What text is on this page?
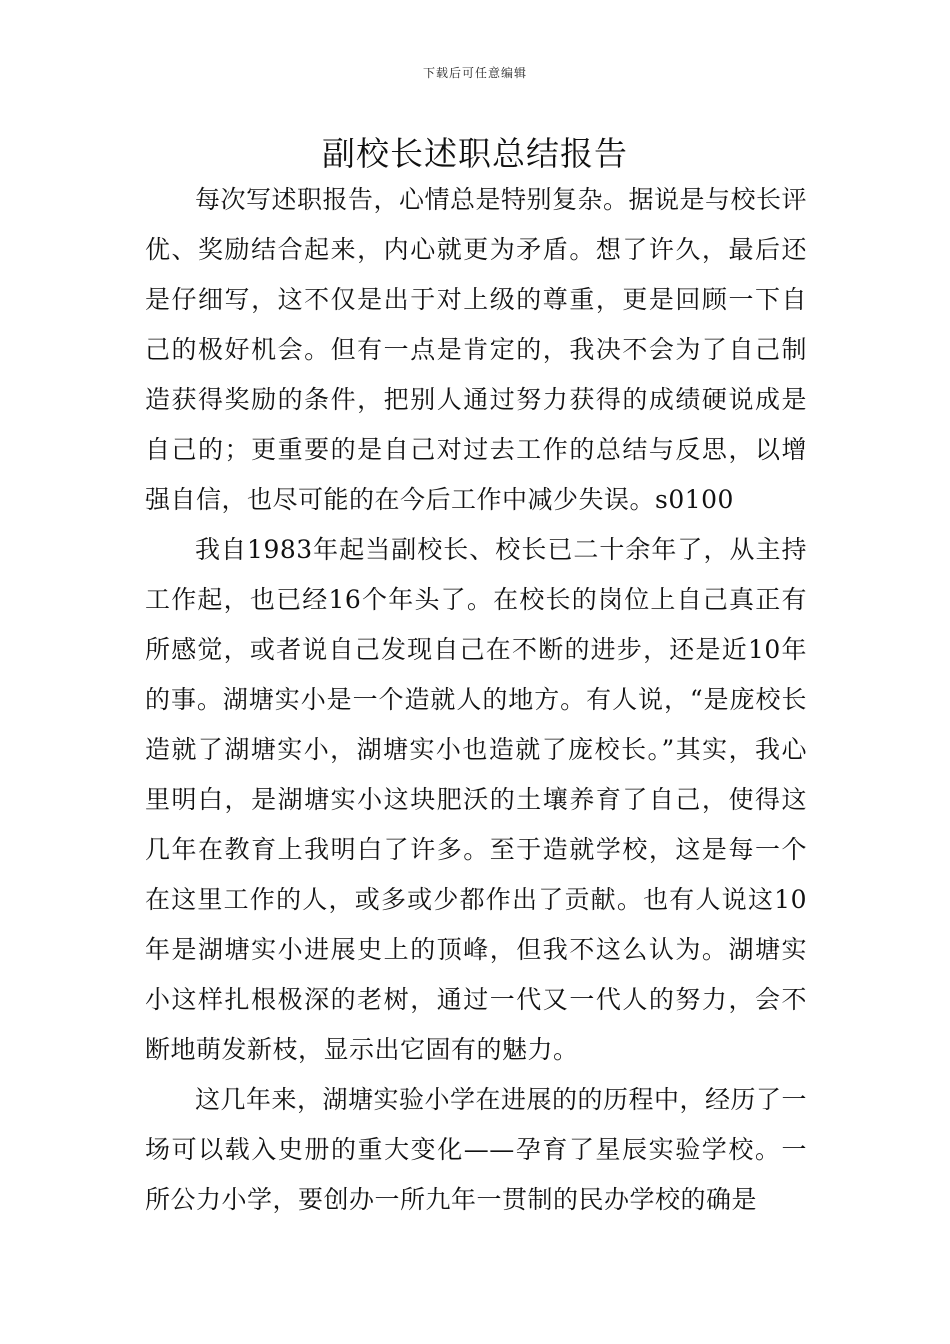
下载后可任意编辑
副校长述职总结报告

每次写述职报告，心情总是特别复杂。据说是与校长评优、奖励结合起来，内心就更为矛盾。想了许久，最后还是仔细写，这不仅是出于对上级的尊重，更是回顾一下自己的极好机会。但有一点是肯定的，我决不会为了自己制造获得奖励的条件，把别人通过努力获得的成绩硬说成是自己的；更重要的是自己对过去工作的总结与反思，以增强自信，也尽可能的在今后工作中减少失误。s0100

我自1983年起当副校长、校长已二十余年了，从主持工作起，也已经16个年头了。在校长的岗位上自己真正有所感觉，或者说自己发现自己在不断的进步，还是近10年的事。湖塘实小是一个造就人的地方。有人说，“是庞校长造就了湖塘实小，湖塘实小也造就了庞校长。”其实，我心里明白，是湖塘实小这块肥沃的土壤养育了自己，使得这几年在教育上我明白了许多。至于造就学校，这是每一个在这里工作的人，或多或少都作出了贡献。也有人说这10年是湖塘实小进展史上的顶峰，但我不这么认为。湖塘实小这样扎根极深的老树，通过一代又一代人的努力，会不断地萌发新枝，显示出它固有的魅力。

这几年来，湖塘实验小学在进展的的历程中，经历了一场可以载入史册的重大变化——孕育了星辰实验学校。一所公力小学，要创办一所九年一贯制的民办学校的确是
